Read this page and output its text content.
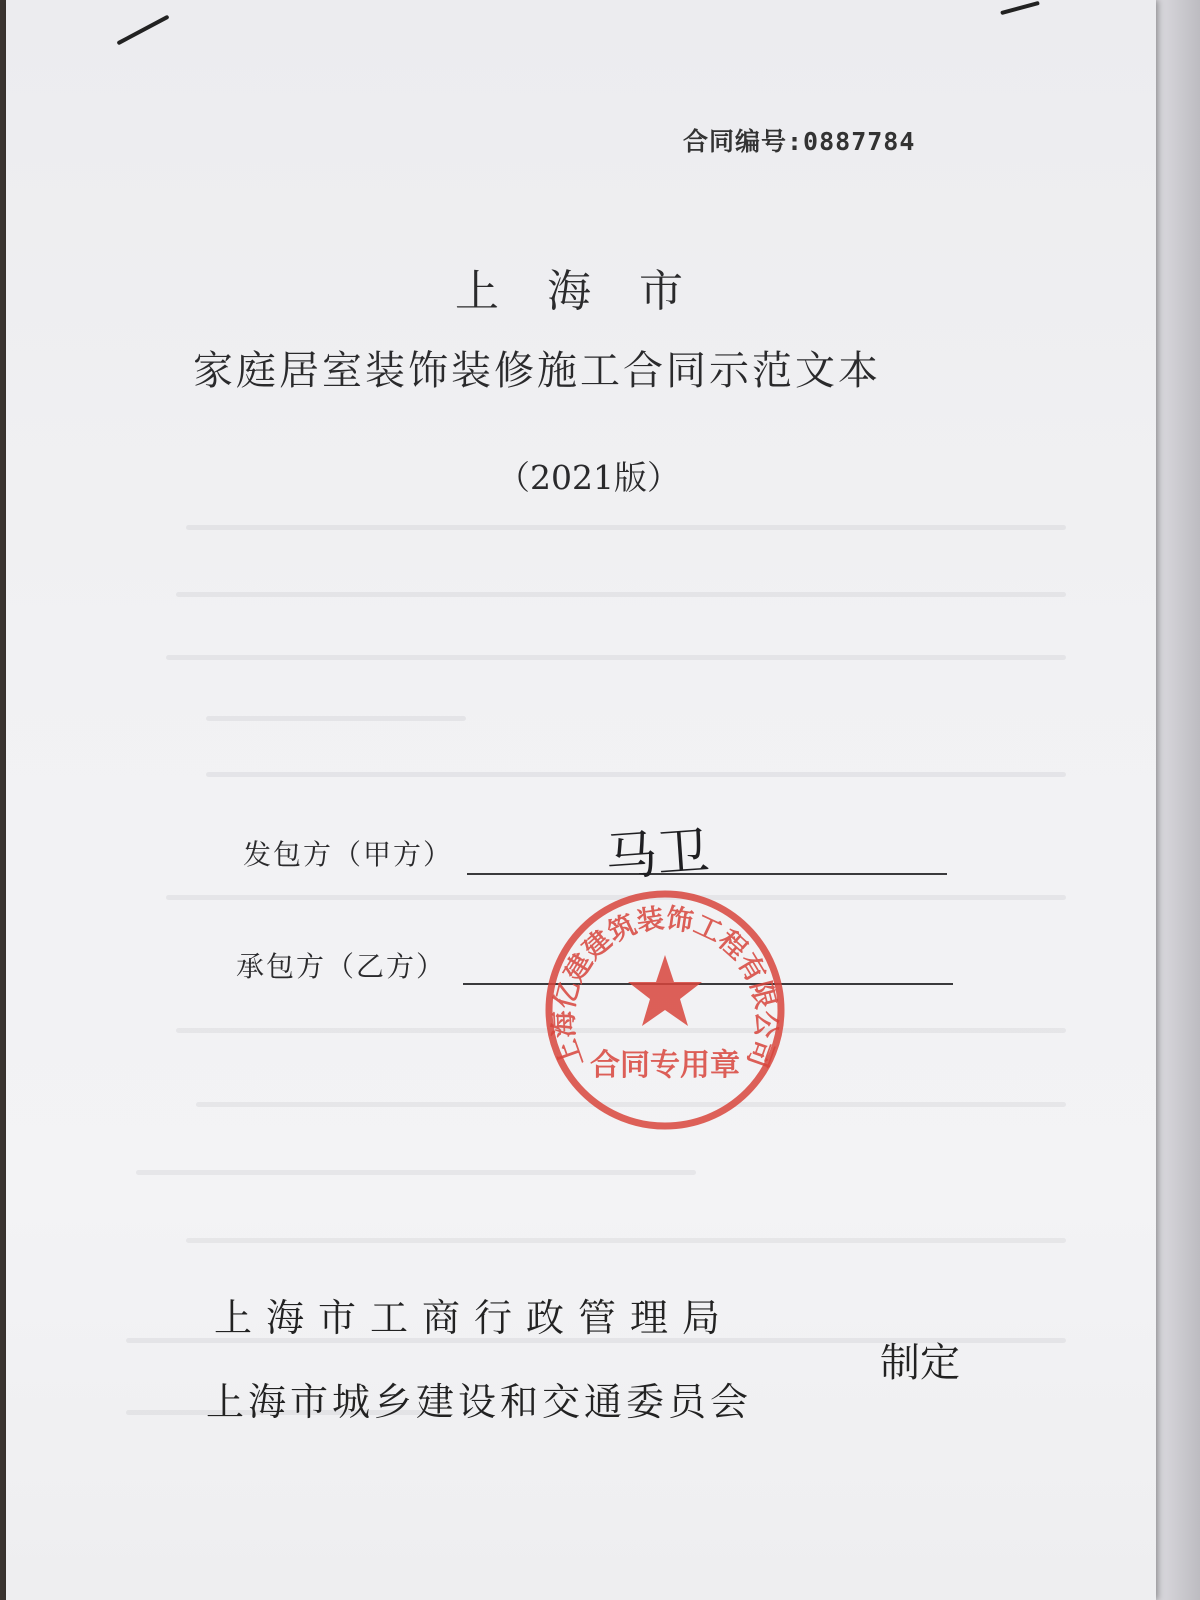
合同编号:0887784
上海市
家庭居室装饰装修施工合同示范文本
（2021版）
发包方（甲方）	马卫
承包方（乙方）
上海亿建建筑装饰工程有限公司
合同专用章
上海市工商行政管理局
上海市城乡建设和交通委员会
制定
